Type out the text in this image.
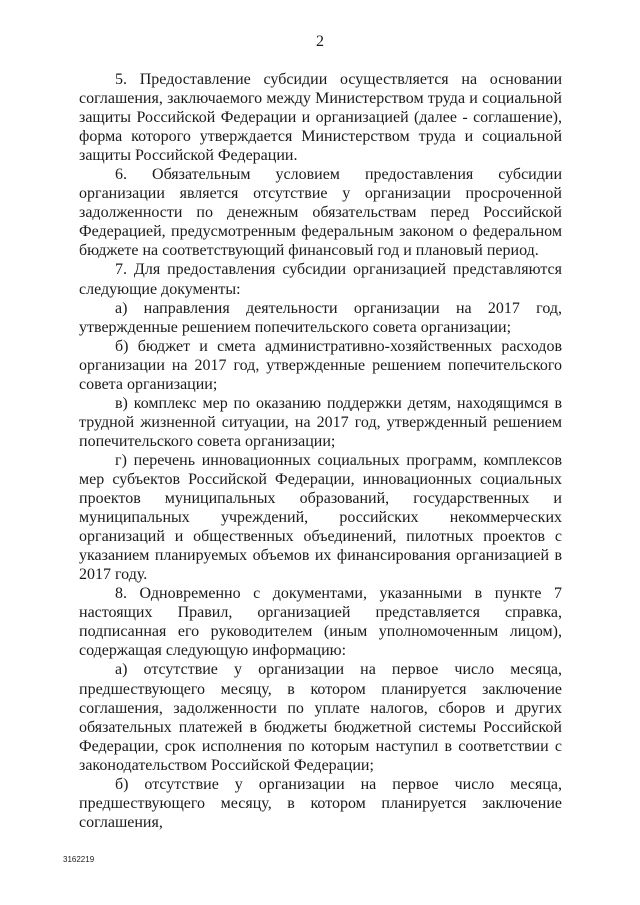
2

5. Предоставление субсидии осуществляется на основании соглашения, заключаемого между Министерством труда и социальной защиты Российской Федерации и организацией (далее - соглашение), форма которого утверждается Министерством труда и социальной защиты Российской Федерации.

6. Обязательным условием предоставления субсидии организации является отсутствие у организации просроченной задолженности по денежным обязательствам перед Российской Федерацией, предусмотренным федеральным законом о федеральном бюджете на соответствующий финансовый год и плановый период.

7. Для предоставления субсидии организацией представляются следующие документы:

а) направления деятельности организации на 2017 год, утвержденные решением попечительского совета организации;

б) бюджет и смета административно-хозяйственных расходов организации на 2017 год, утвержденные решением попечительского совета организации;

в) комплекс мер по оказанию поддержки детям, находящимся в трудной жизненной ситуации, на 2017 год, утвержденный решением попечительского совета организации;

г) перечень инновационных социальных программ, комплексов мер субъектов Российской Федерации, инновационных социальных проектов муниципальных образований, государственных и муниципальных учреждений, российских некоммерческих организаций и общественных объединений, пилотных проектов с указанием планируемых объемов их финансирования организацией в 2017 году.

8. Одновременно с документами, указанными в пункте 7 настоящих Правил, организацией представляется справка, подписанная его руководителем (иным уполномоченным лицом), содержащая следующую информацию:

а) отсутствие у организации на первое число месяца, предшествующего месяцу, в котором планируется заключение соглашения, задолженности по уплате налогов, сборов и других обязательных платежей в бюджеты бюджетной системы Российской Федерации, срок исполнения по которым наступил в соответствии с законодательством Российской Федерации;

б) отсутствие у организации на первое число месяца, предшествующего месяцу, в котором планируется заключение соглашения,

3162219
